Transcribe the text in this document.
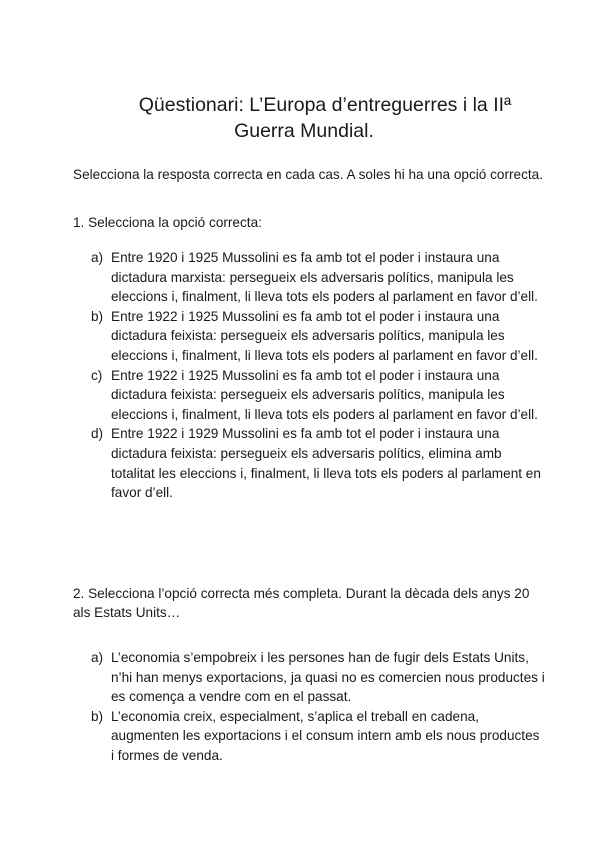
Qüestionari: L’Europa d’entreguerres i la IIª
Guerra Mundial.
Selecciona la resposta correcta en cada cas. A soles hi ha una opció correcta.
1. Selecciona la opció correcta:
a) Entre 1920 i 1925 Mussolini es fa amb tot el poder i instaura una dictadura marxista: persegueix els adversaris polítics, manipula les eleccions i, finalment, li lleva tots els poders al parlament en favor d’ell.
b) Entre 1922 i 1925 Mussolini es fa amb tot el poder i instaura una dictadura feixista: persegueix els adversaris polítics, manipula les eleccions i, finalment, li lleva tots els poders al parlament en favor d’ell.
c) Entre 1922 i 1925 Mussolini es fa amb tot el poder i instaura una dictadura feixista: persegueix els adversaris polítics, manipula les eleccions i, finalment, li lleva tots els poders al parlament en favor d’ell.
d) Entre 1922 i 1929 Mussolini es fa amb tot el poder i instaura una dictadura feixista: persegueix els adversaris polítics, elimina amb totalitat les eleccions i, finalment, li lleva tots els poders al parlament en favor d’ell.
2. Selecciona l’opció correcta més completa. Durant la dècada dels anys 20 als Estats Units…
a) L’economia s’empobreix i les persones han de fugir dels Estats Units, n’hi han menys exportacions, ja quasi no es comercien nous productes i es comença a vendre com en el passat.
b) L’economia creix, especialment, s’aplica el treball en cadena, augmenten les exportacions i el consum intern amb els nous productes i formes de venda.
